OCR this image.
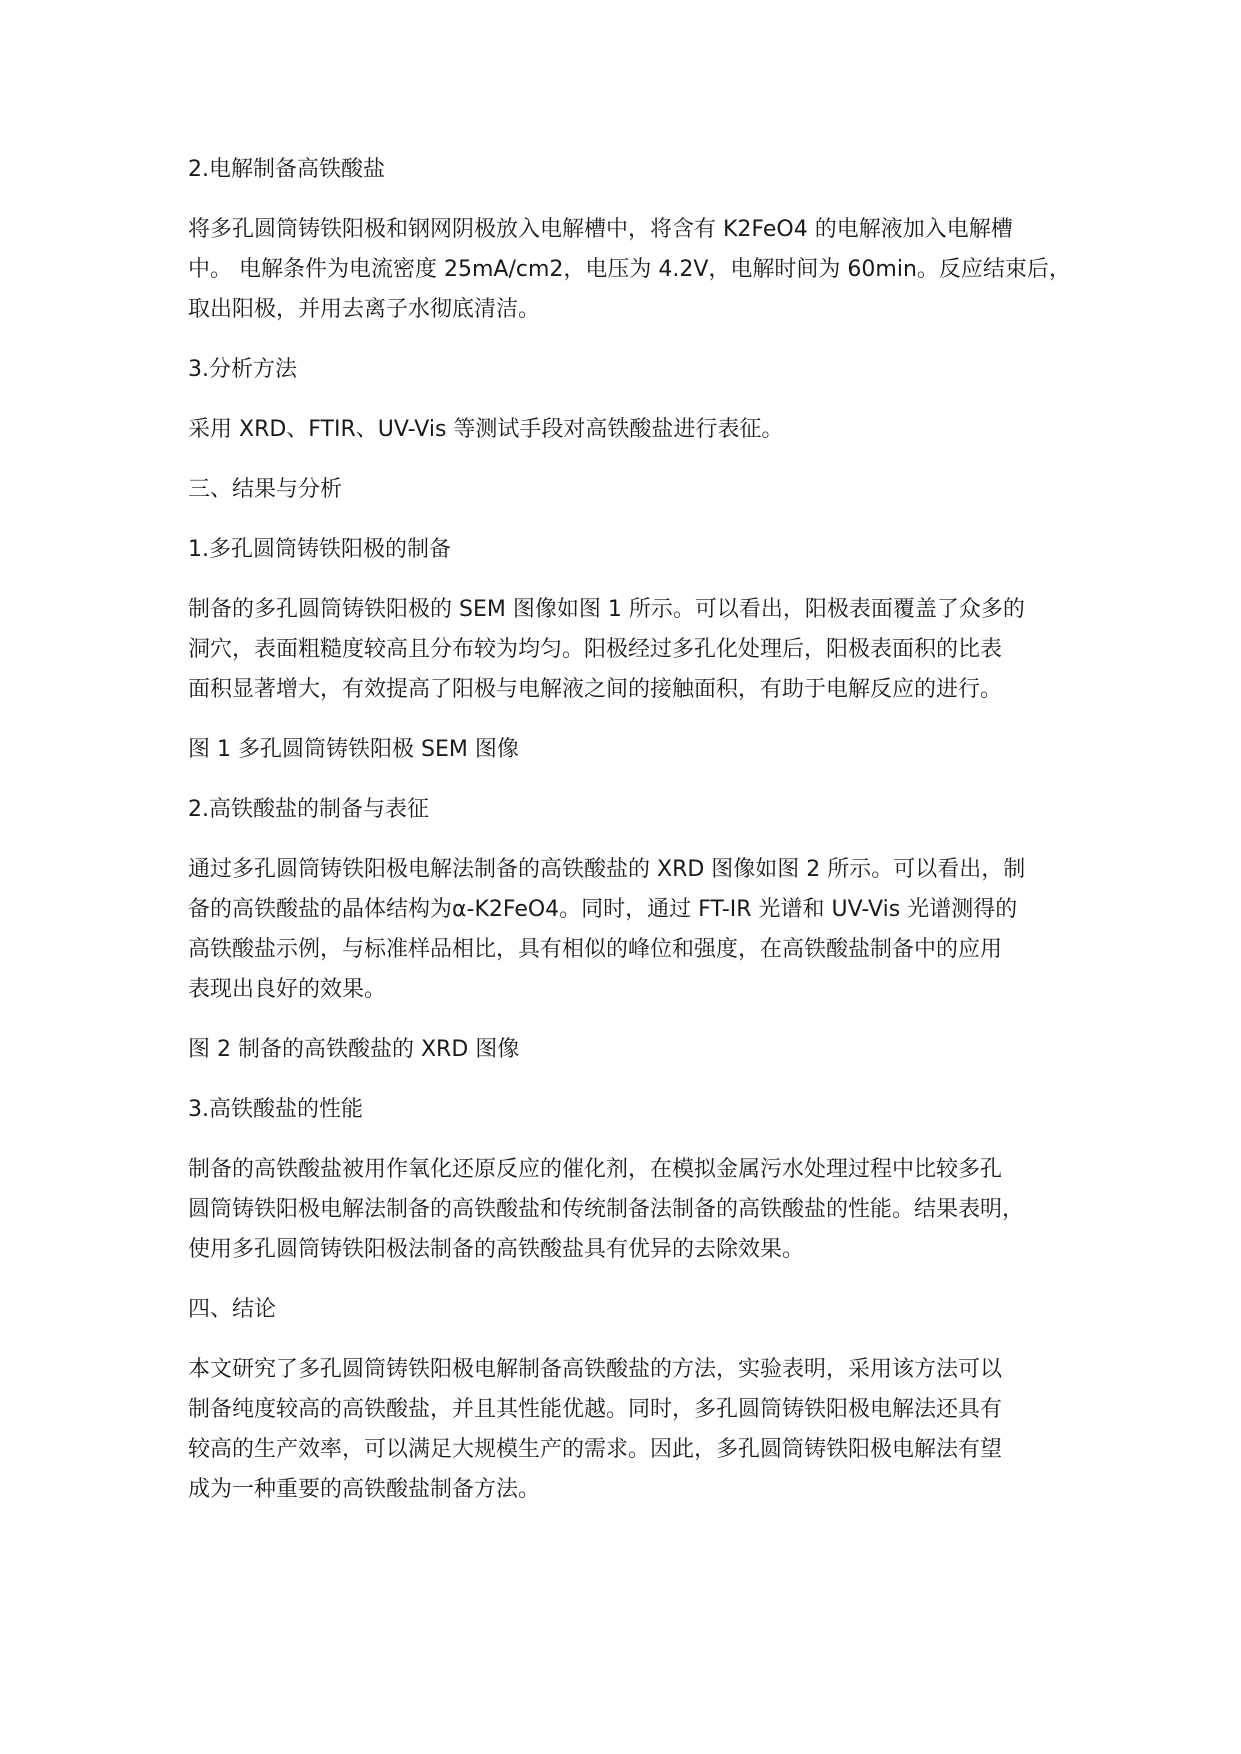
2.电解制备高铁酸盐

将多孔圆筒铸铁阳极和钢网阴极放入电解槽中，将含有 K2FeO4 的电解液加入电解槽

中。 电解条件为电流密度 25mA/cm2，电压为 4.2V，电解时间为 60min。反应结束后，

取出阳极，并用去离子水彻底清洁。

3.分析方法

采用 XRD、FTIR、UV-Vis 等测试手段对高铁酸盐进行表征。

三、结果与分析

1.多孔圆筒铸铁阳极的制备

制备的多孔圆筒铸铁阳极的 SEM 图像如图 1 所示。可以看出，阳极表面覆盖了众多的

洞穴，表面粗糙度较高且分布较为均匀。阳极经过多孔化处理后，阳极表面积的比表

面积显著增大，有效提高了阳极与电解液之间的接触面积，有助于电解反应的进行。

图 1 多孔圆筒铸铁阳极 SEM 图像

2.高铁酸盐的制备与表征

通过多孔圆筒铸铁阳极电解法制备的高铁酸盐的 XRD 图像如图 2 所示。可以看出，制

备的高铁酸盐的晶体结构为α-K2FeO4。同时，通过 FT-IR 光谱和 UV-Vis 光谱测得的

高铁酸盐示例，与标准样品相比，具有相似的峰位和强度，在高铁酸盐制备中的应用

表现出良好的效果。

图 2 制备的高铁酸盐的 XRD 图像

3.高铁酸盐的性能

制备的高铁酸盐被用作氧化还原反应的催化剂，在模拟金属污水处理过程中比较多孔

圆筒铸铁阳极电解法制备的高铁酸盐和传统制备法制备的高铁酸盐的性能。结果表明，

使用多孔圆筒铸铁阳极法制备的高铁酸盐具有优异的去除效果。

四、结论

本文研究了多孔圆筒铸铁阳极电解制备高铁酸盐的方法，实验表明，采用该方法可以

制备纯度较高的高铁酸盐，并且其性能优越。同时，多孔圆筒铸铁阳极电解法还具有

较高的生产效率，可以满足大规模生产的需求。因此，多孔圆筒铸铁阳极电解法有望

成为一种重要的高铁酸盐制备方法。
